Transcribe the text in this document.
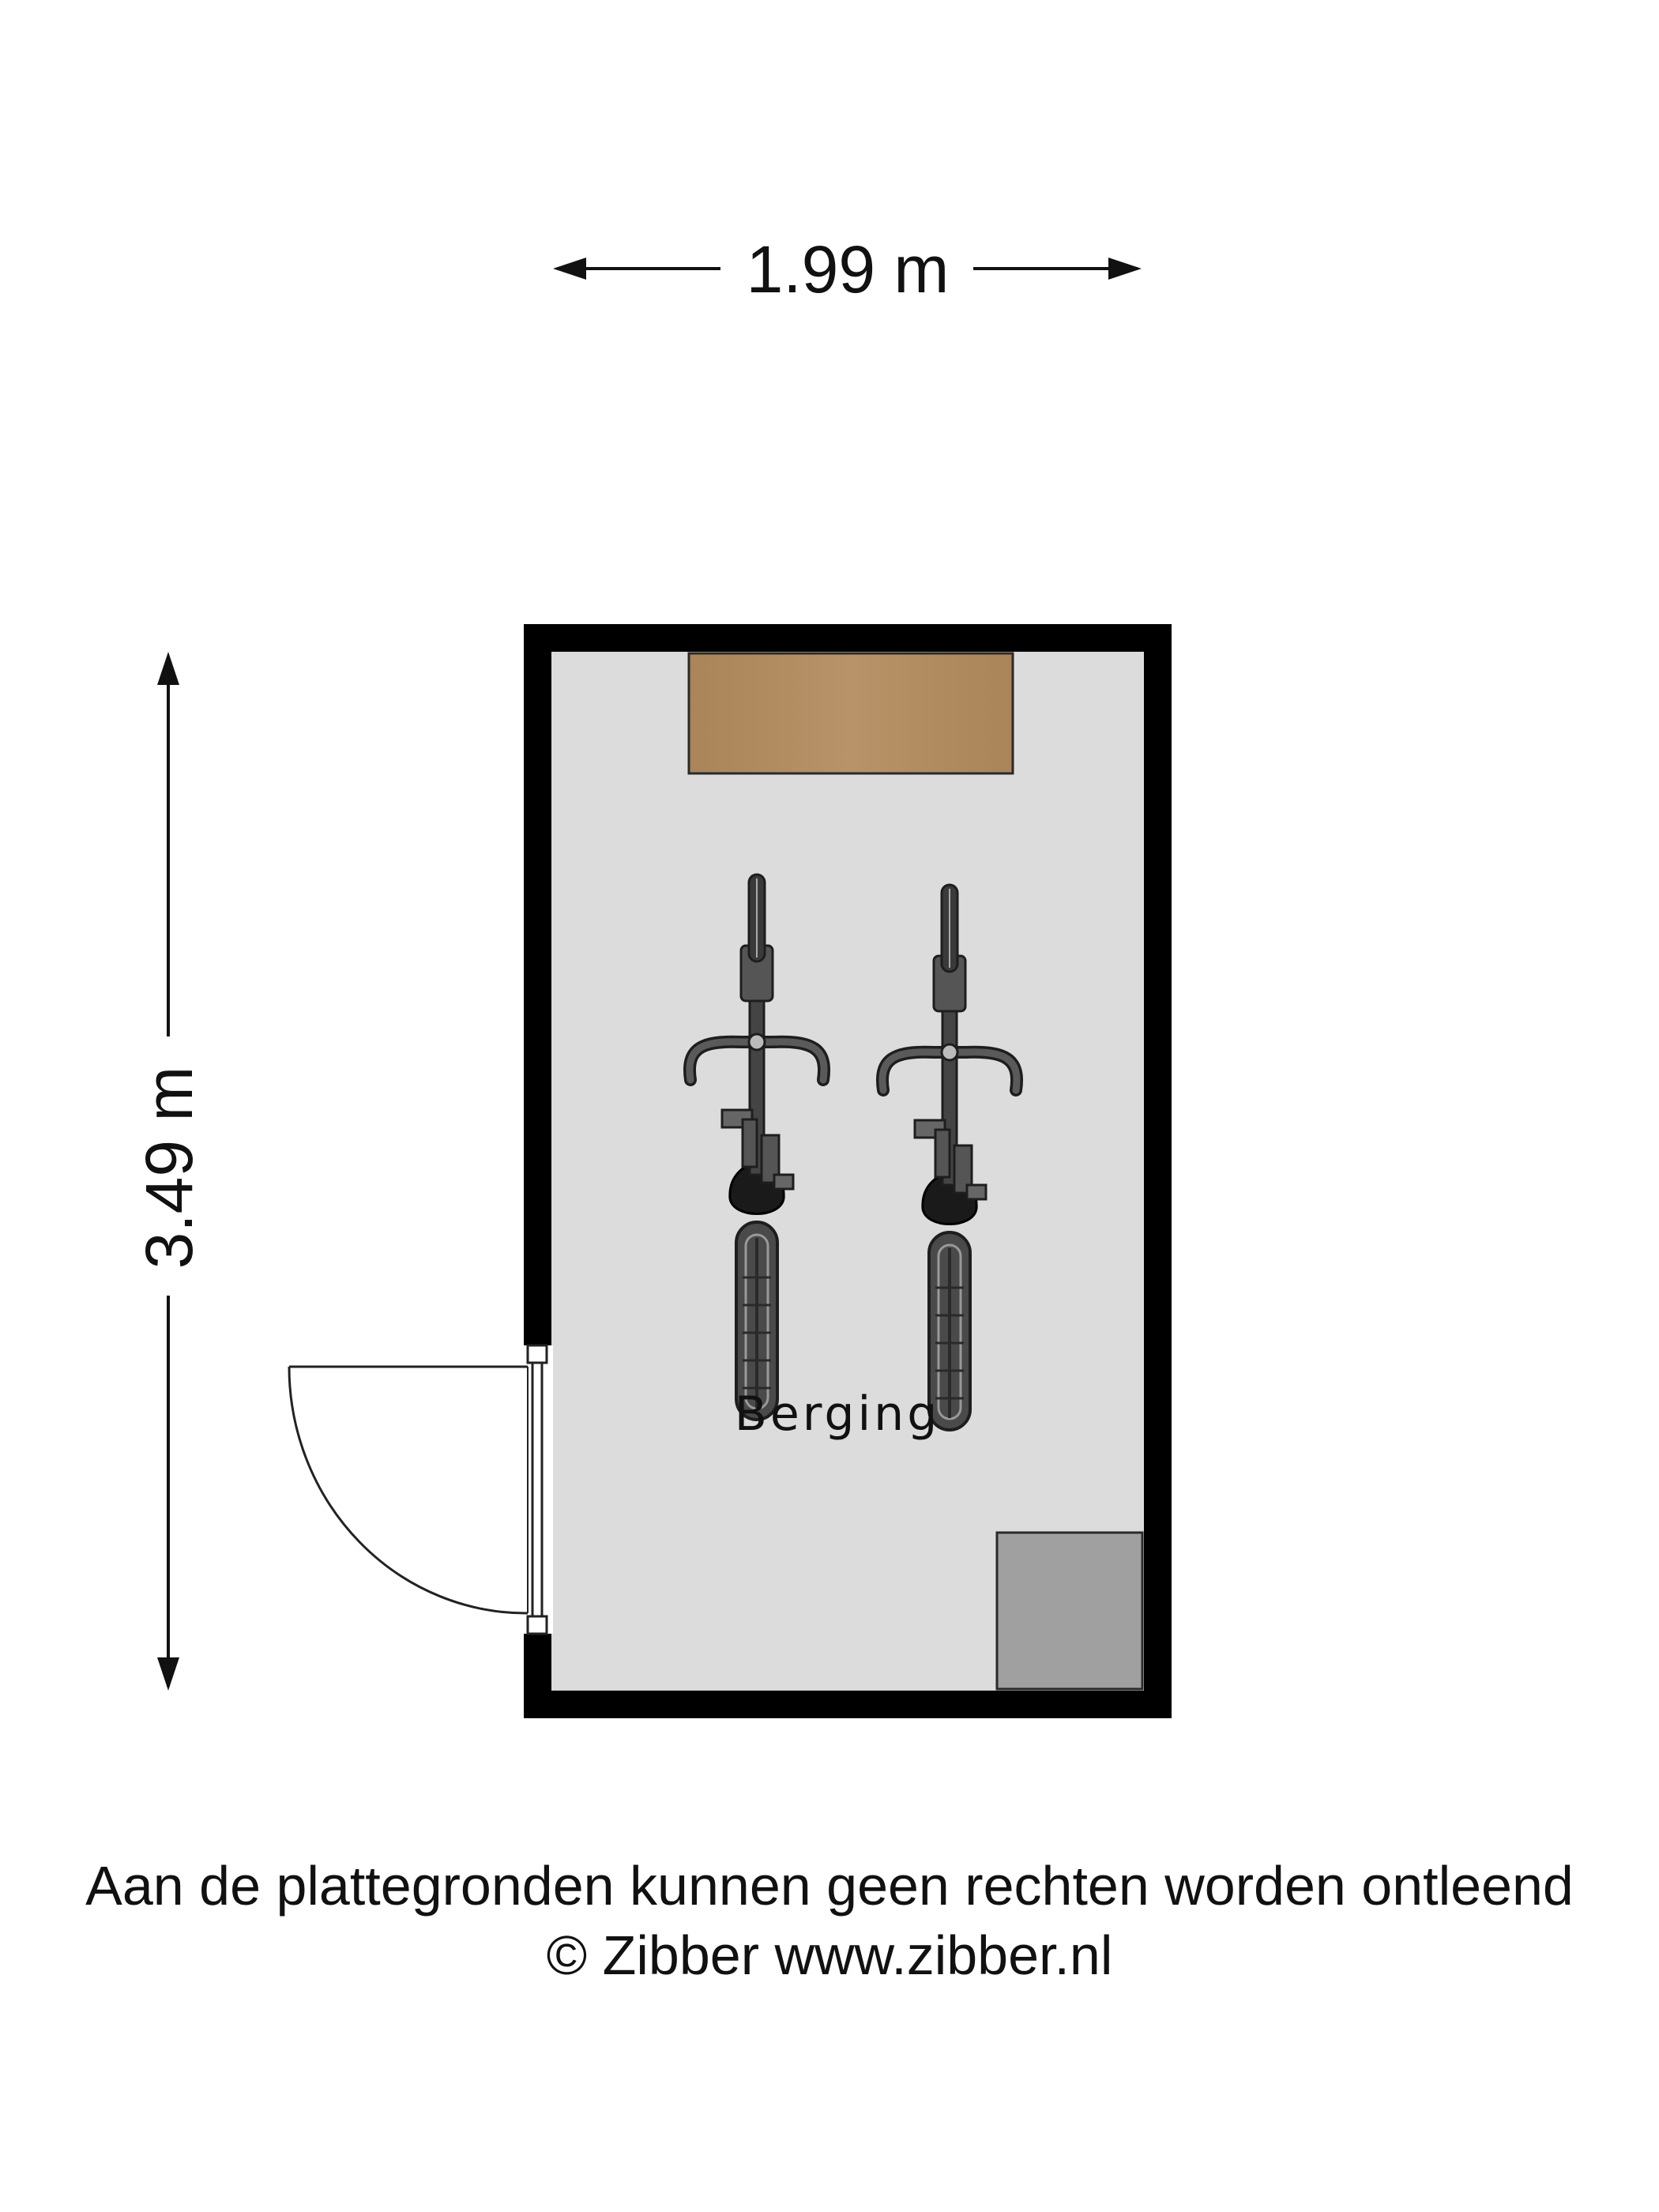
1.99 m
3.49 m
Berging
Aan de plattegronden kunnen geen rechten worden ontleend
© Zibber www.zibber.nl
